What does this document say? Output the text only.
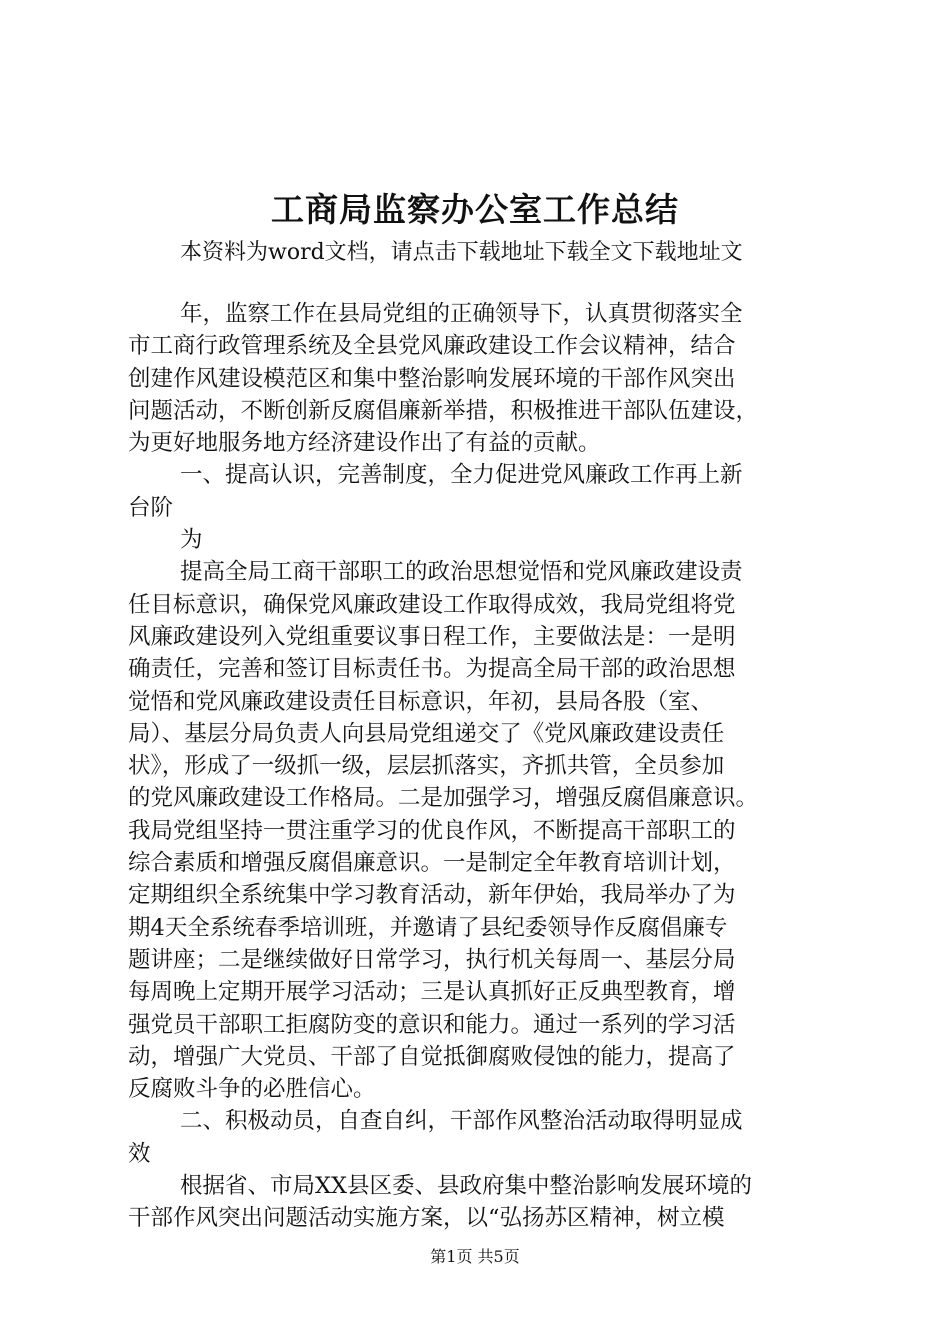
工商局监察办公室工作总结
本资料为word文档，请点击下载地址下载全文下载地址文
年，监察工作在县局党组的正确领导下，认真贯彻落实全
市工商行政管理系统及全县党风廉政建设工作会议精神，结合
创建作风建设模范区和集中整治影响发展环境的干部作风突出
问题活动，不断创新反腐倡廉新举措，积极推进干部队伍建设，
为更好地服务地方经济建设作出了有益的贡献。
一、提高认识，完善制度，全力促进党风廉政工作再上新
台阶
为
提高全局工商干部职工的政治思想觉悟和党风廉政建设责
任目标意识，确保党风廉政建设工作取得成效，我局党组将党
风廉政建设列入党组重要议事日程工作，主要做法是：一是明
确责任，完善和签订目标责任书。为提高全局干部的政治思想
觉悟和党风廉政建设责任目标意识，年初，县局各股（室、
局）、基层分局负责人向县局党组递交了《党风廉政建设责任
状》，形成了一级抓一级，层层抓落实，齐抓共管，全员参加
的党风廉政建设工作格局。二是加强学习，增强反腐倡廉意识。
我局党组坚持一贯注重学习的优良作风，不断提高干部职工的
综合素质和增强反腐倡廉意识。一是制定全年教育培训计划，
定期组织全系统集中学习教育活动，新年伊始，我局举办了为
期4天全系统春季培训班，并邀请了县纪委领导作反腐倡廉专
题讲座；二是继续做好日常学习，执行机关每周一、基层分局
每周晚上定期开展学习活动；三是认真抓好正反典型教育，增
强党员干部职工拒腐防变的意识和能力。通过一系列的学习活
动，增强广大党员、干部了自觉抵御腐败侵蚀的能力，提高了
反腐败斗争的必胜信心。
二、积极动员，自查自纠，干部作风整治活动取得明显成
效
根据省、市局XX县区委、县政府集中整治影响发展环境的
干部作风突出问题活动实施方案，以“弘扬苏区精神，树立模
第1页 共5页
